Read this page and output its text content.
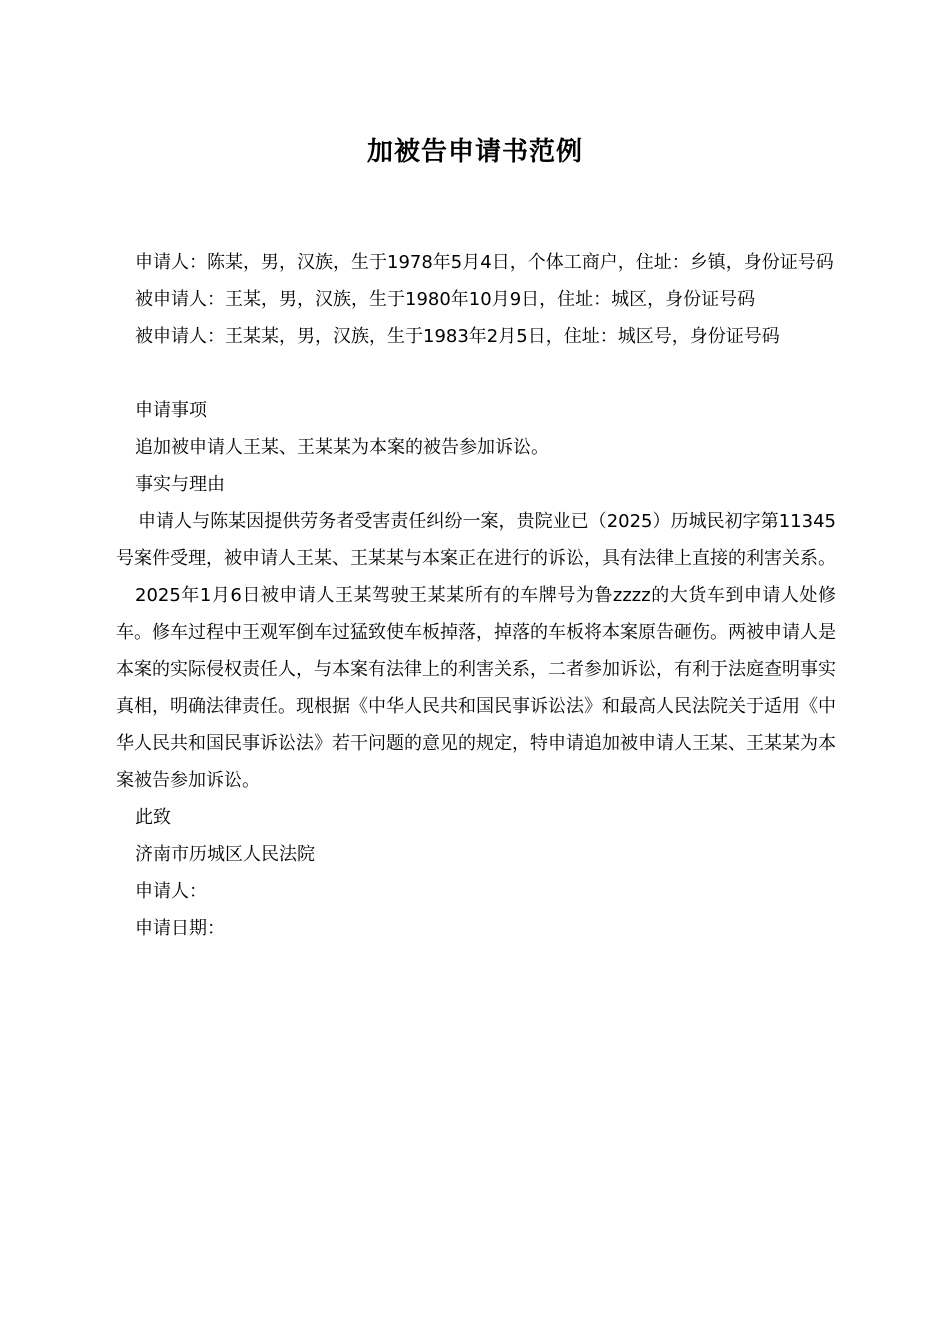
加被告申请书范例

申请人：陈某，男，汉族，生于1978年5月4日，个体工商户，住址：乡镇，身份证号码

被申请人：王某，男，汉族，生于1980年10月9日，住址：城区，身份证号码

被申请人：王某某，男，汉族，生于1983年2月5日，住址：城区号，身份证号码

申请事项

追加被申请人王某、王某某为本案的被告参加诉讼。

事实与理由

申请人与陈某因提供劳务者受害责任纠纷一案，贵院业已（2025）历城民初字第11345号案件受理，被申请人王某、王某某与本案正在进行的诉讼，具有法律上直接的利害关系。

2025年1月6日被申请人王某驾驶王某某所有的车牌号为鲁zzzz的大货车到申请人处修车。修车过程中王观军倒车过猛致使车板掉落，掉落的车板将本案原告砸伤。两被申请人是本案的实际侵权责任人，与本案有法律上的利害关系，二者参加诉讼，有利于法庭查明事实真相，明确法律责任。现根据《中华人民共和国民事诉讼法》和最高人民法院关于适用《中华人民共和国民事诉讼法》若干问题的意见的规定，特申请追加被申请人王某、王某某为本案被告参加诉讼。

此致

济南市历城区人民法院

申请人：

申请日期：
